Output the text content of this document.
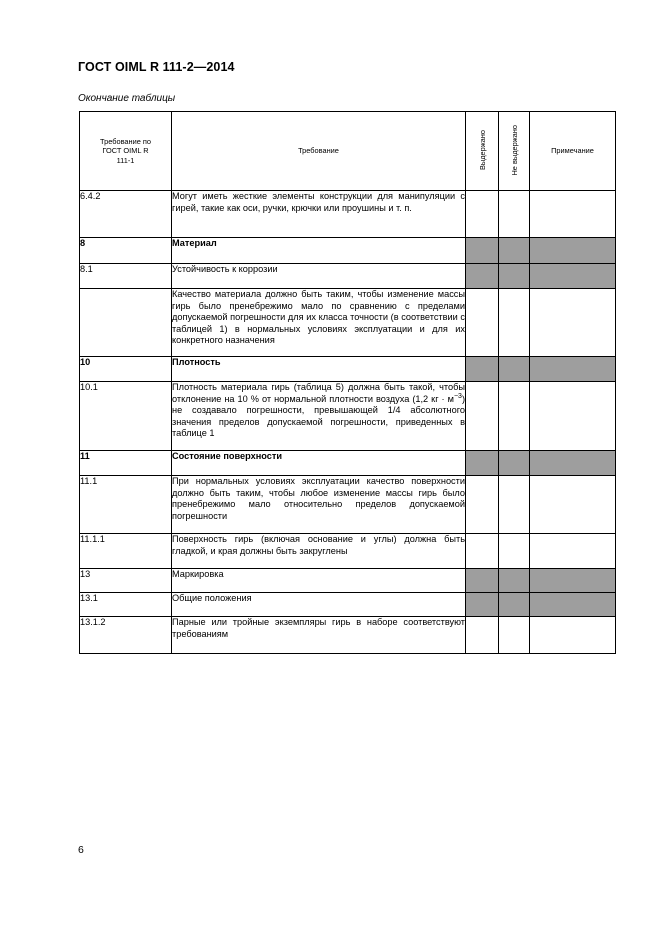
ГОСТ OIML R 111-2—2014
Окончание таблицы
Требование по ГОСТ OIML R 111-1	Требование	Выдержано	Не выдержано	Примечание
6.4.2	Могут иметь жесткие элементы конструкции для манипуляции с гирей, такие как оси, ручки, крючки или проушины и т. п.			
8	Материал			
8.1	Устойчивость к коррозии			
	Качество материала должно быть таким, чтобы изменение массы гирь было пренебрежимо мало по сравнению с пределами допускаемой погрешности для их класса точности (в соответствии с таблицей 1) в нормальных условиях эксплуатации и для их конкретного назначения			
10	Плотность			
10.1	Плотность материала гирь (таблица 5) должна быть такой, чтобы отклонение на 10 % от нормальной плотности воздуха (1,2 кг · $м^{-3}$) не создавало погрешности, превышающей 1/4 абсолютного значения пределов допускаемой погрешности, приведенных в таблице 1			
11	Состояние поверхности			
11.1	При нормальных условиях эксплуатации качество поверхности должно быть таким, чтобы любое изменение массы гирь было пренебрежимо мало относительно пределов допускаемой погрешности			
11.1.1	Поверхность гирь (включая основание и углы) должна быть гладкой, и края должны быть закруглены			
13	Маркировка			
13.1	Общие положения			
13.1.2	Парные или тройные экземпляры гирь в наборе соответствуют требованиям			
6
